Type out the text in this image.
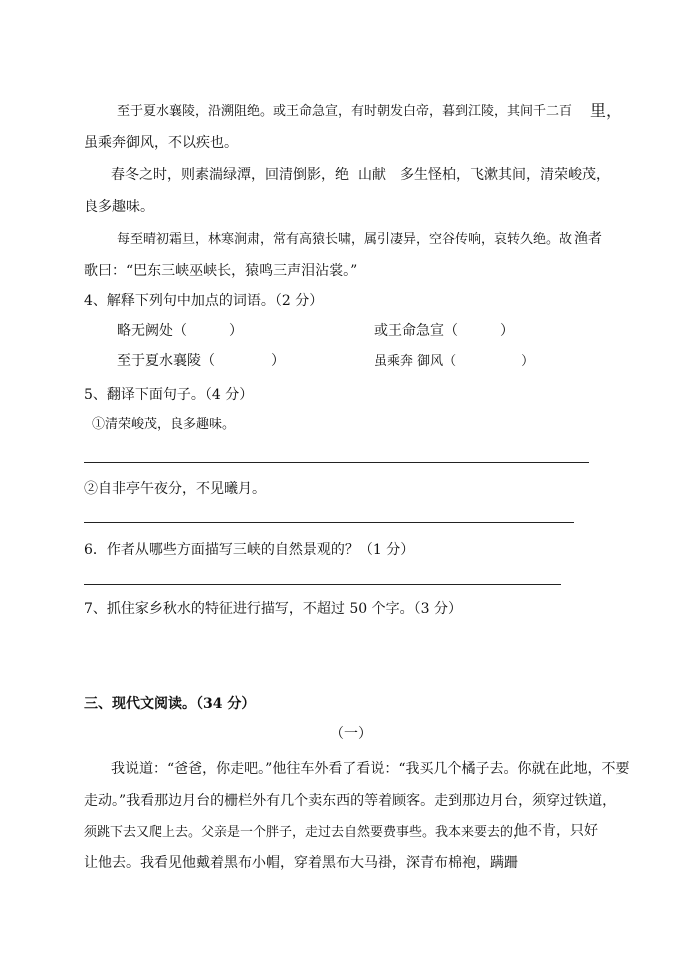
至于夏水襄陵，沿溯阻绝。或王命急宣，有时朝发白帝，暮到江陵，其间千二百 里，
虽乘奔御风，不以疾也。
春冬之时，则素湍绿潭，回清倒影，绝 山献 多生怪柏，飞漱其间，清荣峻茂，
良多趣味。
每至晴初霜旦，林寒涧肃，常有高猿长啸，属引凄异，空谷传响，哀转久绝。故 渔者
歌曰：“巴东三峡巫峡长，猿鸣三声泪沾裳。”
4、解释下列句中加点的词语。（2 分）
略无阙处（　　　）	或王命急宣（　　　）
至于夏水襄陵（　　　　）	虽乘奔 御风（　　　　　）
5、翻译下面句子。（4 分）
①清荣峻茂，良多趣味。
②自非亭午夜分，不见曦月。
6．作者从哪些方面描写三峡的自然景观的？（1 分）
7、抓住家乡秋水的特征进行描写，不超过 50 个字。（3 分）
三、现代文阅读。（34 分）
（一）
我说道：“爸爸，你走吧。”他往车外看了看说：“我买几个橘子去。你就在此地，不要
走动。”我看那边月台的栅栏外有几个卖东西的等着顾客。走到那边月台，须穿过铁道，
须跳下去又爬上去。父亲是一个胖子，走过去自然要费事些。我本来要去的，
他不肯，只好
让他去。我看见他戴着黑布小帽，穿着黑布大马褂，深青布棉袍，蹒跚
